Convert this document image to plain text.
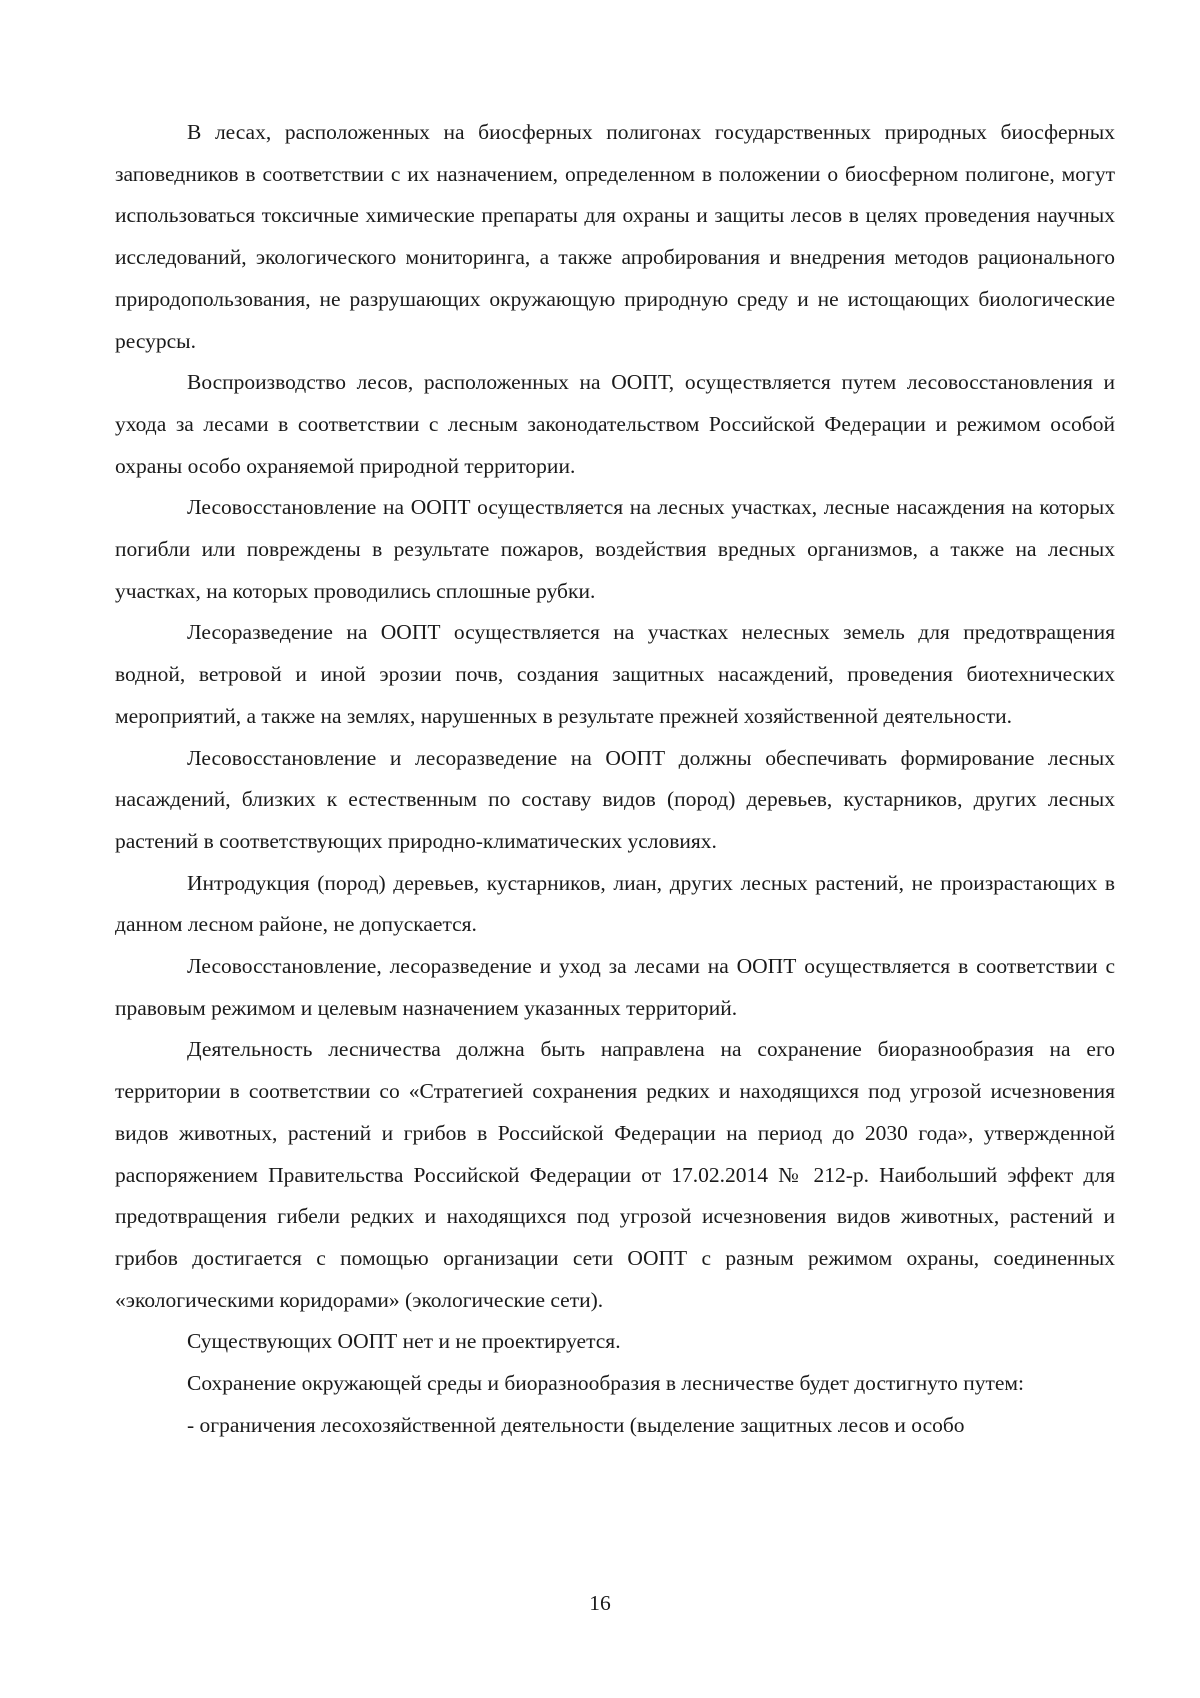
В лесах, расположенных на биосферных полигонах государственных природных биосферных заповедников в соответствии с их назначением, определенном в положении о биосферном полигоне, могут использоваться токсичные химические препараты для охраны и защиты лесов в целях проведения научных исследований, экологического мониторинга, а также апробирования и внедрения методов рационального природопользования, не разрушающих окружающую природную среду и не истощающих биологические ресурсы.

Воспроизводство лесов, расположенных на ООПТ, осуществляется путем лесовосстановления и ухода за лесами в соответствии с лесным законодательством Российской Федерации и режимом особой охраны особо охраняемой природной территории.

Лесовосстановление на ООПТ осуществляется на лесных участках, лесные насаждения на которых погибли или повреждены в результате пожаров, воздействия вредных организмов, а также на лесных участках, на которых проводились сплошные рубки.

Лесоразведение на ООПТ осуществляется на участках нелесных земель для предотвращения водной, ветровой и иной эрозии почв, создания защитных насаждений, проведения биотехнических мероприятий, а также на землях, нарушенных в результате прежней хозяйственной деятельности.

Лесовосстановление и лесоразведение на ООПТ должны обеспечивать формирование лесных насаждений, близких к естественным по составу видов (пород) деревьев, кустарников, других лесных растений в соответствующих природно-климатических условиях.

Интродукция (пород) деревьев, кустарников, лиан, других лесных растений, не произрастающих в данном лесном районе, не допускается.

Лесовосстановление, лесоразведение и уход за лесами на ООПТ осуществляется в соответствии с правовым режимом и целевым назначением указанных территорий.

Деятельность лесничества должна быть направлена на сохранение биоразнообразия на его территории в соответствии со «Стратегией сохранения редких и находящихся под угрозой исчезновения видов животных, растений и грибов в Российской Федерации на период до 2030 года», утвержденной распоряжением Правительства Российской Федерации от 17.02.2014 № 212-р. Наибольший эффект для предотвращения гибели редких и находящихся под угрозой исчезновения видов животных, растений и грибов достигается с помощью организации сети ООПТ с разным режимом охраны, соединенных «экологическими коридорами» (экологические сети).

Существующих ООПТ нет и не проектируется.

Сохранение окружающей среды и биоразнообразия в лесничестве будет достигнуто путем:

- ограничения лесохозяйственной деятельности (выделение защитных лесов и особо

16
